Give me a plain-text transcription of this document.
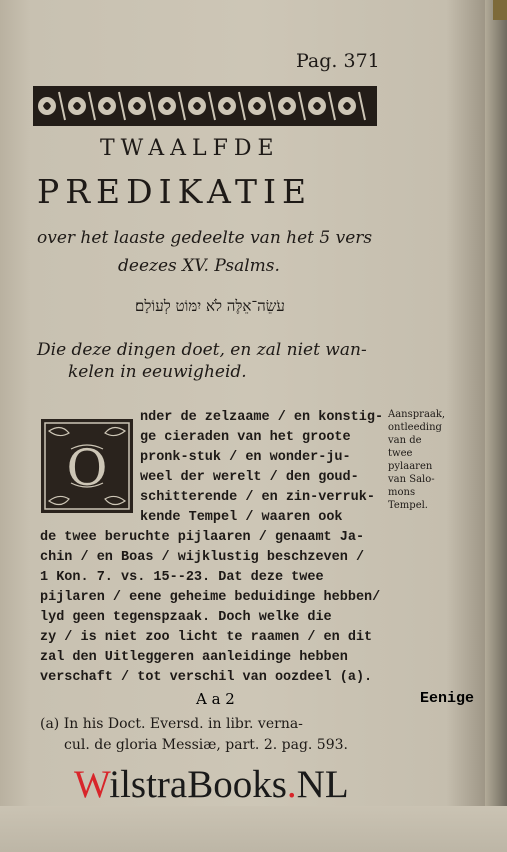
Pag. 371
TWAALFDE
PREDIKATIE
over het laaste gedeelte van het 5 vers
deezes XV. Psalms.
עֹשֵׂה־אֵלֶּה לֹא יִמּוֹט לְעוֹלָם׃
Die deze dingen doet, en zal niet wan-
kelen in eeuwigheid.
O
nder de zelzaame / en konstig-
ge cieraden van het groote
pronk-stuk / en wonder-ju-
weel der werelt / den goud-
schitterende / en zin-verruk-
kende Tempel / waaren ook
de twee beruchte pijlaaren / genaamt Ja-
chin / en Boas / wijklustig beschzeven /
1 Kon. 7. vs. 15--23. Dat deze twee
pijlaren / eene geheime beduidinge hebben/
lyd geen tegenspzaak. Doch welke die
zy / is niet zoo licht te raamen / en dit
zal den Uitleggeren aanleidinge hebben
verschaft / tot verschil van oozdeel (a).
Aanspraak,
ontleeding
van de
twee
pylaaren
van Salo-
mons
Tempel.
A a 2	Eenige
(a) In his Doct. Eversd. in libr. verna-
cul. de gloria Messiæ, part. 2. pag. 593.
WilstraBooks.NL
